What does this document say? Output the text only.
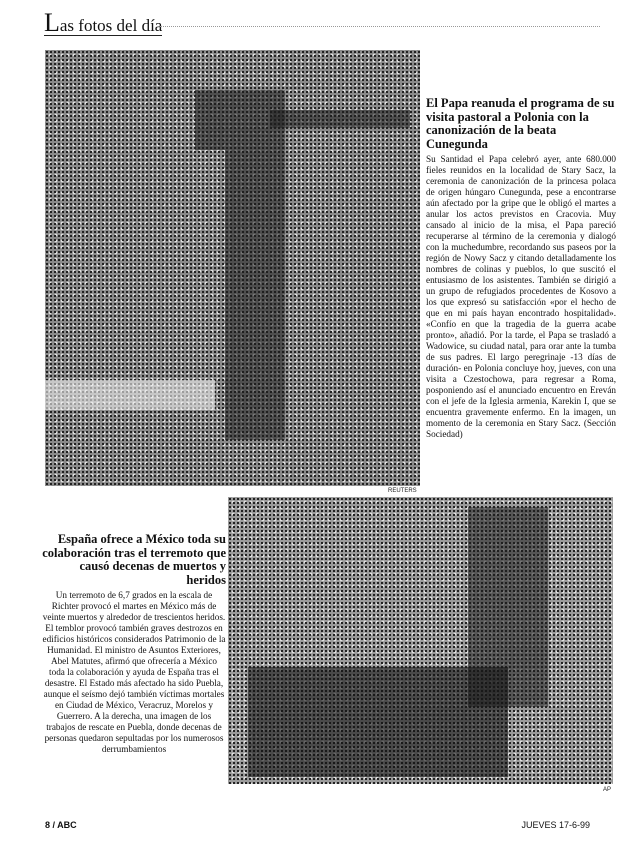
Las fotos del día
REUTERS
El Papa reanuda el programa de su visita pastoral a Polonia con la canonización de la beata Cunegunda
Su Santidad el Papa celebró ayer, ante 680.000 fieles reunidos en la localidad de Stary Sacz, la ceremonia de canonización de la princesa polaca de origen húngaro Cunegunda, pese a encontrarse aún afectado por la gripe que le obligó el martes a anular los actos previstos en Cracovia. Muy cansado al inicio de la misa, el Papa pareció recuperarse al término de la ceremonia y dialogó con la muchedumbre, recordando sus paseos por la región de Nowy Sacz y citando detalladamente los nombres de colinas y pueblos, lo que suscitó el entusiasmo de los asistentes. También se dirigió a un grupo de refugiados procedentes de Kosovo a los que expresó su satisfacción «por el hecho de que en mi país hayan encontrado hospitalidad». «Confío en que la tragedia de la guerra acabe pronto», añadió. Por la tarde, el Papa se trasladó a Wadowice, su ciudad natal, para orar ante la tumba de sus padres. El largo peregrinaje -13 días de duración- en Polonia concluye hoy, jueves, con una visita a Czestochowa, para regresar a Roma, posponiendo así el anunciado encuentro en Ereván con el jefe de la Iglesia armenia, Karekin I, que se encuentra gravemente enfermo. En la imagen, un momento de la ceremonia en Stary Sacz. (Sección Sociedad)
AP
España ofrece a México toda su colaboración tras el terremoto que causó decenas de muertos y heridos
Un terremoto de 6,7 grados en la escala de Richter provocó el martes en México más de veinte muertos y alrededor de trescientos heridos. El temblor provocó también graves destrozos en edificios históricos considerados Patrimonio de la Humanidad. El ministro de Asuntos Exteriores, Abel Matutes, afirmó que ofrecería a México toda la colaboración y ayuda de España tras el desastre. El Estado más afectado ha sido Puebla, aunque el seísmo dejó también víctimas mortales en Ciudad de México, Veracruz, Morelos y Guerrero. A la derecha, una imagen de los trabajos de rescate en Puebla, donde decenas de personas quedaron sepultadas por los numerosos derrumbamientos
8 / ABC	JUEVES 17-6-99
